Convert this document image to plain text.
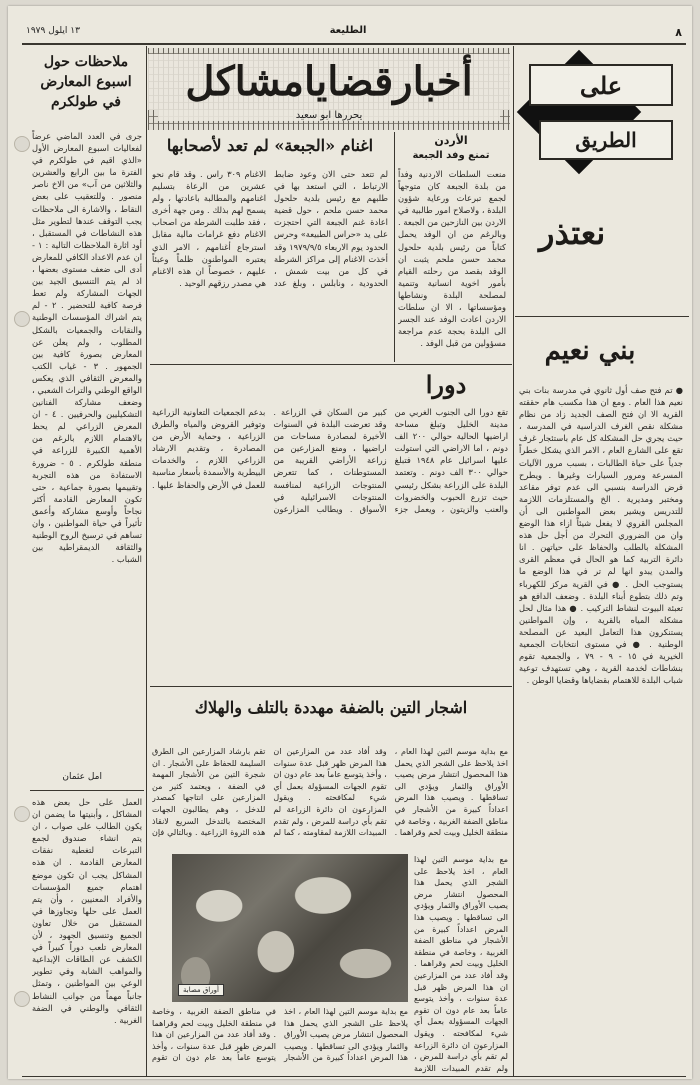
٨
الطليعة
١٣ ايلول ١٩٧٩
على
الطريق
نعتذر
بني نعيم

● تم فتح صف أول ثانوي في مدرسة بنات بني نعيم هذا العام . ومع ان هذا مكسب هام حققته القرية الا ان فتح الصف الجديد زاد من نظام مشكلة نقص الغرف الدراسية في المدرسة ، حيث يجري حل المشكلة كل عام باستئجار غرف تقع على الشارع العام ، الامر الذي يشكل خطراً جدياً على حياة الطالبات ، بسبب مرور الآليات المسرعة ومرور السيارات وغيرها . ويطرح فرض الدراسة بنسبي الى عدم توفر مقاعد ومختبر ومديرية . الخ والمستلزمات اللازمة للتدريس ويشير بعض المواطنين الى أن المجلس القروي لا يفعل شيئاً ازاء هذا الوضع وان من الضروري التحرك من أجل حل هذه المشكلة بالطلب والحفاظ على حياتهن . انا دائرة التربية كما هو الحال في معظم القرى والمدن يبدو انها لم تر في هذا الوضع ما يستوجب الحل . ● في القرية مركز للكهرباء وتم ذلك بتطوع أبناء البلدة . وضعف الدافع هو تعبئة البيوت لنشاط التركيب . ● هذا مثال لحل مشكلة المياه بالقرية ، وإن المواطنين يستنكرون هذا التعامل البعيد عن المصلحة الوطنية . ● في مستوى انتخابات الجمعية الخيرية في ١٥ - ٩ - ٧٩ ، والجمعية تقوم بنشاطات لخدمة القرية ، وهي تستهدف توعية شباب البلدة للاهتمام بقضاياها وقضايا الوطن .

أخبارقضايامشاكل
يحررها ابو سعيد
الأردن
تمنع وفد الجبعة

منعت السلطات الاردنية وفداً من بلدة الجبعة كان متوجهاً لجمع تبرعات ورعاية شؤون البلدة ، ولاصلاح امور طالبية في الاردن بين النازحين من الجبعة . وبالرغم من ان الوفد يحمل كتاباً من رئيس بلدية حلحول محمد حسن ملحم يثبت ان الوفد بقصد من رحلته القيام بأمور اخوية انسانية وتنمية لمصلحة البلدة ونشاطها ومؤسساتها ، الا ان سلطات الاردن اعادت الوفد عند الجسر الى البلدة بحجة عدم مراجعة مسؤولين من قبل الوفد .

اغنام «الجبعة» لم تعد لأصحابها

لم تتعد حتى الان وعود ضابط الارتباط ، التي استعد بها في طلبهم مع رئيس بلدية حلحول محمد حسن ملحم ، حول قضية اعادة غنم الجبعة التي احتجزت على يد «حراس الطبيعة» وحرس الحدود يوم الاربعاء ١٩٧٩/٩/٥ وقد أخذت الاغنام إلى مراكز الشرطة في كل من بيت شمش ، الحدودية ، ونابلس ، وبلغ عدد الاغنام ٣٠٩ راس . وقد قام نحو عشرين من الرعاة بتسليم اغنامهم والمطالبة باعادتها ، ولم يسمح لهم بذلك . ومن جهة أخرى ، فقد طلبت الشرطة من اصحاب الاغنام دفع غرامات مالية مقابل استرجاع أغنامهم ، الامر الذي يعتبره المواطنون ظلماً وعبئاً عليهم ، خصوصاً ان هذه الاغنام هي مصدر رزقهم الوحيد .

دورا

تقع دورا الى الجنوب الغربي من مدينة الخليل وتبلغ مساحة اراضيها الحالية حوالي ٢٠٠ الف دونم ، اما الاراضي التي استولت عليها اسرائيل عام ١٩٤٨ فتبلغ حوالي ٣٠٠ الف دونم . وتعتمد البلدة على الزراعة بشكل رئيسي حيث تزرع الحبوب والخضروات والعنب والزيتون ، ويعمل جزء كبير من السكان في الزراعة . وقد تعرضت البلدة في السنوات الأخيرة لمصادرة مساحات من اراضيها ، ومنع المزارعين من زراعة الأراضي القريبة من المستوطنات ، كما تتعرض المنتوجات الزراعية لمنافسة المنتوجات الاسرائيلية في الأسواق . ويطالب المزارعون بدعم الجمعيات التعاونية الزراعية وتوفير القروض والمياه والطرق الزراعية ، وحماية الأرض من المصادرة ، وتقديم الارشاد الزراعي اللازم ، والخدمات البيطرية والأسمدة بأسعار مناسبة للعمل في الأرض والحفاظ عليها .

اشجار التين بالضفة مهددة بالتلف والهلاك

مع بداية موسم التين لهذا العام ، اخذ يلاحظ على الشجر الذي يحمل هذا المحصول انتشار مرض يصيب الأوراق والثمار ويؤدي الى تساقطها . ويصيب هذا المرض اعداداً كبيرة من الأشجار في مناطق الضفة الغربية ، وخاصة في منطقة الخليل وبيت لحم وقراهما . وقد أفاد عدد من المزارعين ان هذا المرض ظهر قبل عدة سنوات ، وأخذ يتوسع عاماً بعد عام دون ان تقوم الجهات المسؤولة بعمل أي شيء لمكافحته . ويقول المزارعون ان دائرة الزراعة لم تقم بأي دراسة للمرض ، ولم تقدم المبيدات اللازمة لمقاومته ، كما لم تقم بارشاد المزارعين الى الطرق السليمة للحفاظ على الأشجار . ان شجرة التين من الأشجار المهمة في الضفة ، ويعتمد كثير من المزارعين على انتاجها كمصدر للدخل ، وهم يطالبون الجهات المختصة بالتدخل السريع لانقاذ هذه الثروة الزراعية . وبالتالي فإن

أوراق مصابة

مع بداية موسم التين لهذا العام ، اخذ يلاحظ على الشجر الذي يحمل هذا المحصول انتشار مرض يصيب الأوراق والثمار ويؤدي الى تساقطها . ويصيب هذا المرض اعداداً كبيرة من الأشجار في مناطق الضفة الغربية ، وخاصة في منطقة الخليل وبيت لحم وقراهما . وقد أفاد عدد من المزارعين ان هذا المرض ظهر قبل عدة سنوات ، وأخذ يتوسع عاماً بعد عام دون ان تقوم الجهات المسؤولة بعمل أي شيء لمكافحته . ويقول المزارعون ان دائرة الزراعة لم تقم بأي دراسة للمرض ، ولم تقدم المبيدات اللازمة

مع بداية موسم التين لهذا العام ، اخذ يلاحظ على الشجر الذي يحمل هذا المحصول انتشار مرض يصيب الأوراق والثمار ويؤدي الى تساقطها . ويصيب هذا المرض اعداداً كبيرة من الأشجار في مناطق الضفة الغربية ، وخاصة في منطقة الخليل وبيت لحم وقراهما . وقد أفاد عدد من المزارعين ان هذا المرض ظهر قبل عدة سنوات ، وأخذ يتوسع عاماً بعد عام دون ان تقوم

ملاحظات حول اسبوع المعارض في طولكرم

جرى في العدد الماضي عرضاً لفعاليات اسبوع المعارض الأول «الذي اقيم في طولكرم في الفترة ما بين الرابع والعشرين والثلاثين من آب» من الاخ ناصر منصور . وللتعقيب على بعض النقاط ، والاشارة الى ملاحظات يجب التوقف عندها لتطوير مثل هذه النشاطات في المستقبل ، أود اثارة الملاحظات التالية : ١ - ان عدم الاعداد الكافي للمعارض أدى الى ضعف مستوى بعضها ، اذ لم يتم التنسيق الجيد بين الجهات المشاركة ولم تعط فرصة كافية للتحضير . ٢ - لم يتم اشراك المؤسسات الوطنية والنقابات والجمعيات بالشكل المطلوب ، ولم يعلن عن المعارض بصورة كافية بين الجمهور . ٣ - غياب الكتب والمعرض الثقافي الذي يعكس الواقع الوطني والتراث الشعبي ، وضعف مشاركة الفنانين التشكيليين والحرفيين . ٤ - ان المعرض الزراعي لم يحظ بالاهتمام اللازم بالرغم من الأهمية الكبيرة للزراعة في منطقة طولكرم . ٥ - ضرورة الاستفادة من هذه التجربة وتقييمها بصورة جماعية ، حتى تكون المعارض القادمة أكثر نجاحاً وأوسع مشاركة وأعمق تأثيراً في حياة المواطنين ، وان تساهم في ترسيخ الروح الوطنية والثقافة الديمقراطية بين الشباب .

امل عثمان

العمل على حل بعض هذه المشاكل ، وأبنيتها ما يضمن ان يكون الطالب على صواب ، ان يتم انشاء صندوق لجمع التبرعات لتغطية نفقات المعارض القادمة . ان هذه المشاكل يجب ان تكون موضع اهتمام جميع المؤسسات والأفراد المعنيين ، وأن يتم العمل على حلها وتجاوزها في المستقبل من خلال تعاون الجميع وتنسيق الجهود ، لأن المعارض تلعب دوراً كبيراً في الكشف عن الطاقات الإبداعية والمواهب الشابة وفي تطوير الوعي بين المواطنين ، وتمثل جانباً مهماً من جوانب النشاط الثقافي والوطني في الضفة الغربية .
